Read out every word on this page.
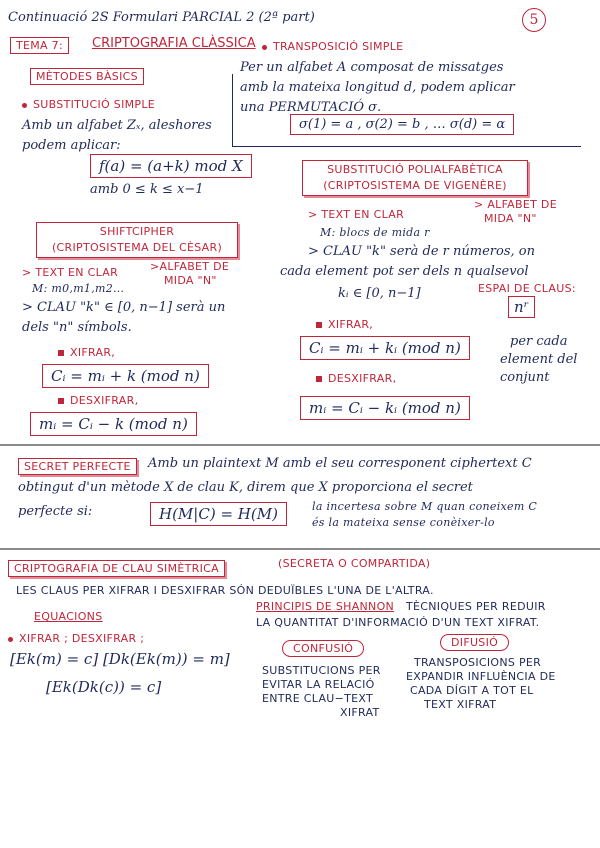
Continuació 2S Formulari PARCIAL 2 (2ª part)	5
TEMA 7:	CRIPTOGRAFIA CLÀSSICA
MÈTODES BÀSICS
SUBSTITUCIÓ SIMPLE
Amb un alfabet Zₓ, aleshores
podem aplicar:
f(a) = (a+k) mod X
amb 0 ≤ k ≤ x−1
TRANSPOSICIÓ SIMPLE
Per un alfabet A composat de missatges
amb la mateixa longitud d, podem aplicar
una PERMUTACIÓ σ.
σ(1) = a , σ(2) = b , … σ(d) = α
SHIFTCIPHER
(CRIPTOSISTEMA DEL CÈSAR)
> TEXT EN CLAR	>ALFABET DE
MIDA "N"
M: m0,m1,m2…
> CLAU "k" ∈ [0, n−1] serà un
dels "n" símbols.
XIFRAR,
Cᵢ = mᵢ + k (mod n)
DESXIFRAR,
mᵢ = Cᵢ − k (mod n)
SUBSTITUCIÓ POLIALFABÈTICA
(CRIPTOSISTEMA DE VIGENÈRE)
> TEXT EN CLAR
M: blocs de mida r
> ALFABET DE
MIDA "N"
> CLAU "k" serà de r números, on
cada element pot ser dels n qualsevol
kᵢ ∈ [0, n−1]	ESPAI DE CLAUS:
nʳ
XIFRAR,
Cᵢ = mᵢ + kᵢ (mod n)
DESXIFRAR,
mᵢ = Cᵢ − kᵢ (mod n)
per cada
element del
conjunt
SECRET PERFECTE	Amb un plaintext M amb el seu corresponent ciphertext C
obtingut d'un mètode X de clau K, direm que X proporciona el secret
perfecte si:	H(M|C) = H(M)	la incertesa sobre M quan coneixem C
és la mateixa sense conèixer-lo
CRIPTOGRAFIA DE CLAU SIMÈTRICA	(SECRETA O COMPARTIDA)
LES CLAUS PER XIFRAR I DESXIFRAR SÓN DEDUÏBLES L'UNA DE L'ALTRA.
EQUACIONS
XIFRAR ; DESXIFRAR ;
[Ek(m) = c] [Dk(Ek(m)) = m]
[Ek(Dk(c)) = c]
PRINCIPIS DE SHANNON TÈCNIQUES PER REDUIR
LA QUANTITAT D'INFORMACIÓ D'UN TEXT XIFRAT.
CONFUSIÓ
SUBSTITUCIONS PER
EVITAR LA RELACIÓ
ENTRE CLAU−TEXT
XIFRAT
DIFUSIÓ
TRANSPOSICIONS PER
EXPANDIR INFLUÈNCIA DE
CADA DÍGIT A TOT EL
TEXT XIFRAT
